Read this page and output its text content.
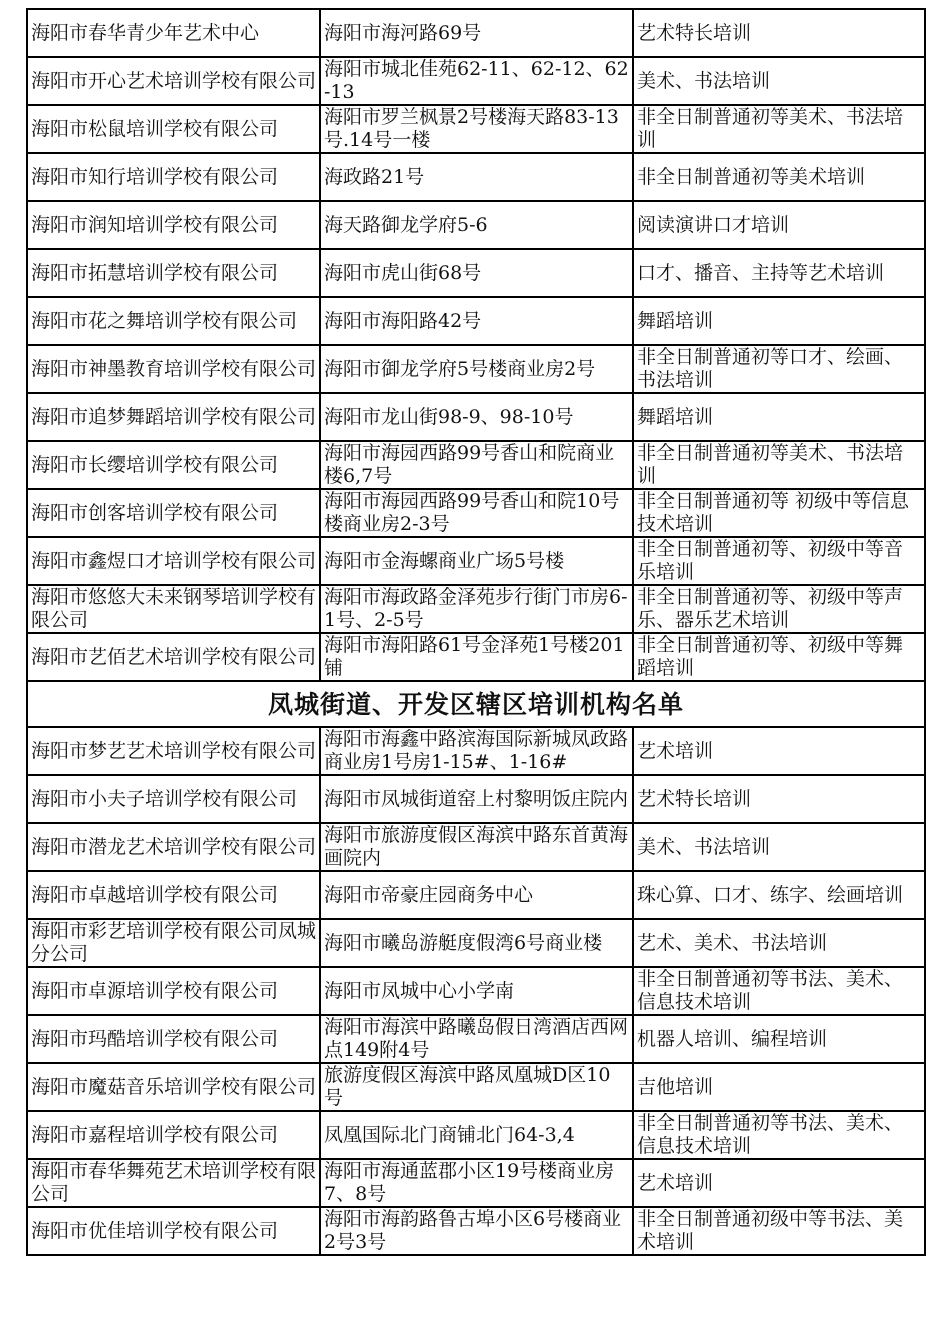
海阳市春华青少年艺术中心	海阳市海河路69号	艺术特长培训

海阳市开心艺术培训学校有限公司	海阳市城北佳苑62-11、62-12、62-13	美术、书法培训

海阳市松鼠培训学校有限公司	海阳市罗兰枫景2号楼海天路83-13号.14号一楼	非全日制普通初等美术、书法培训

海阳市知行培训学校有限公司	海政路21号	非全日制普通初等美术培训

海阳市润知培训学校有限公司	海天路御龙学府5-6	阅读演讲口才培训

海阳市拓慧培训学校有限公司	海阳市虎山街68号	口才、播音、主持等艺术培训

海阳市花之舞培训学校有限公司	海阳市海阳路42号	舞蹈培训

海阳市神墨教育培训学校有限公司	海阳市御龙学府5号楼商业房2号	非全日制普通初等口才、绘画、书法培训

海阳市追梦舞蹈培训学校有限公司	海阳市龙山街98-9、98-10号	舞蹈培训

海阳市长缨培训学校有限公司	海阳市海园西路99号香山和院商业楼6,7号	非全日制普通初等美术、书法培训

海阳市创客培训学校有限公司	海阳市海园西路99号香山和院10号楼商业房2-3号	非全日制普通初等 初级中等信息技术培训

海阳市鑫煜口才培训学校有限公司	海阳市金海螺商业广场5号楼	非全日制普通初等、初级中等音乐培训

海阳市悠悠大未来钢琴培训学校有限公司	海阳市海政路金泽苑步行街门市房6-1号、2-5号	非全日制普通初等、初级中等声乐、器乐艺术培训

海阳市艺佰艺术培训学校有限公司	海阳市海阳路61号金泽苑1号楼201铺	非全日制普通初等、初级中等舞蹈培训

凤城街道、开发区辖区培训机构名单		

海阳市梦艺艺术培训学校有限公司	海阳市海鑫中路滨海国际新城凤政路商业房1号房1-15#、1-16#	艺术培训

海阳市小夫子培训学校有限公司	海阳市凤城街道窑上村黎明饭庄院内	艺术特长培训

海阳市潜龙艺术培训学校有限公司	海阳市旅游度假区海滨中路东首黄海画院内	美术、书法培训

海阳市卓越培训学校有限公司	海阳市帝豪庄园商务中心	珠心算、口才、练字、绘画培训

海阳市彩艺培训学校有限公司凤城分公司	海阳市曦岛游艇度假湾6号商业楼	艺术、美术、书法培训

海阳市卓源培训学校有限公司	海阳市凤城中心小学南	非全日制普通初等书法、美术、信息技术培训

海阳市玛酷培训学校有限公司	海阳市海滨中路曦岛假日湾酒店西网点149附4号	机器人培训、编程培训

海阳市魔菇音乐培训学校有限公司	旅游度假区海滨中路凤凰城D区10号	吉他培训

海阳市嘉程培训学校有限公司	凤凰国际北门商铺北门64-3,4	非全日制普通初等书法、美术、信息技术培训

海阳市春华舞苑艺术培训学校有限公司	海阳市海通蓝郡小区19号楼商业房7、8号	艺术培训

海阳市优佳培训学校有限公司	海阳市海韵路鲁古埠小区6号楼商业2号3号	非全日制普通初级中等书法、美术培训
